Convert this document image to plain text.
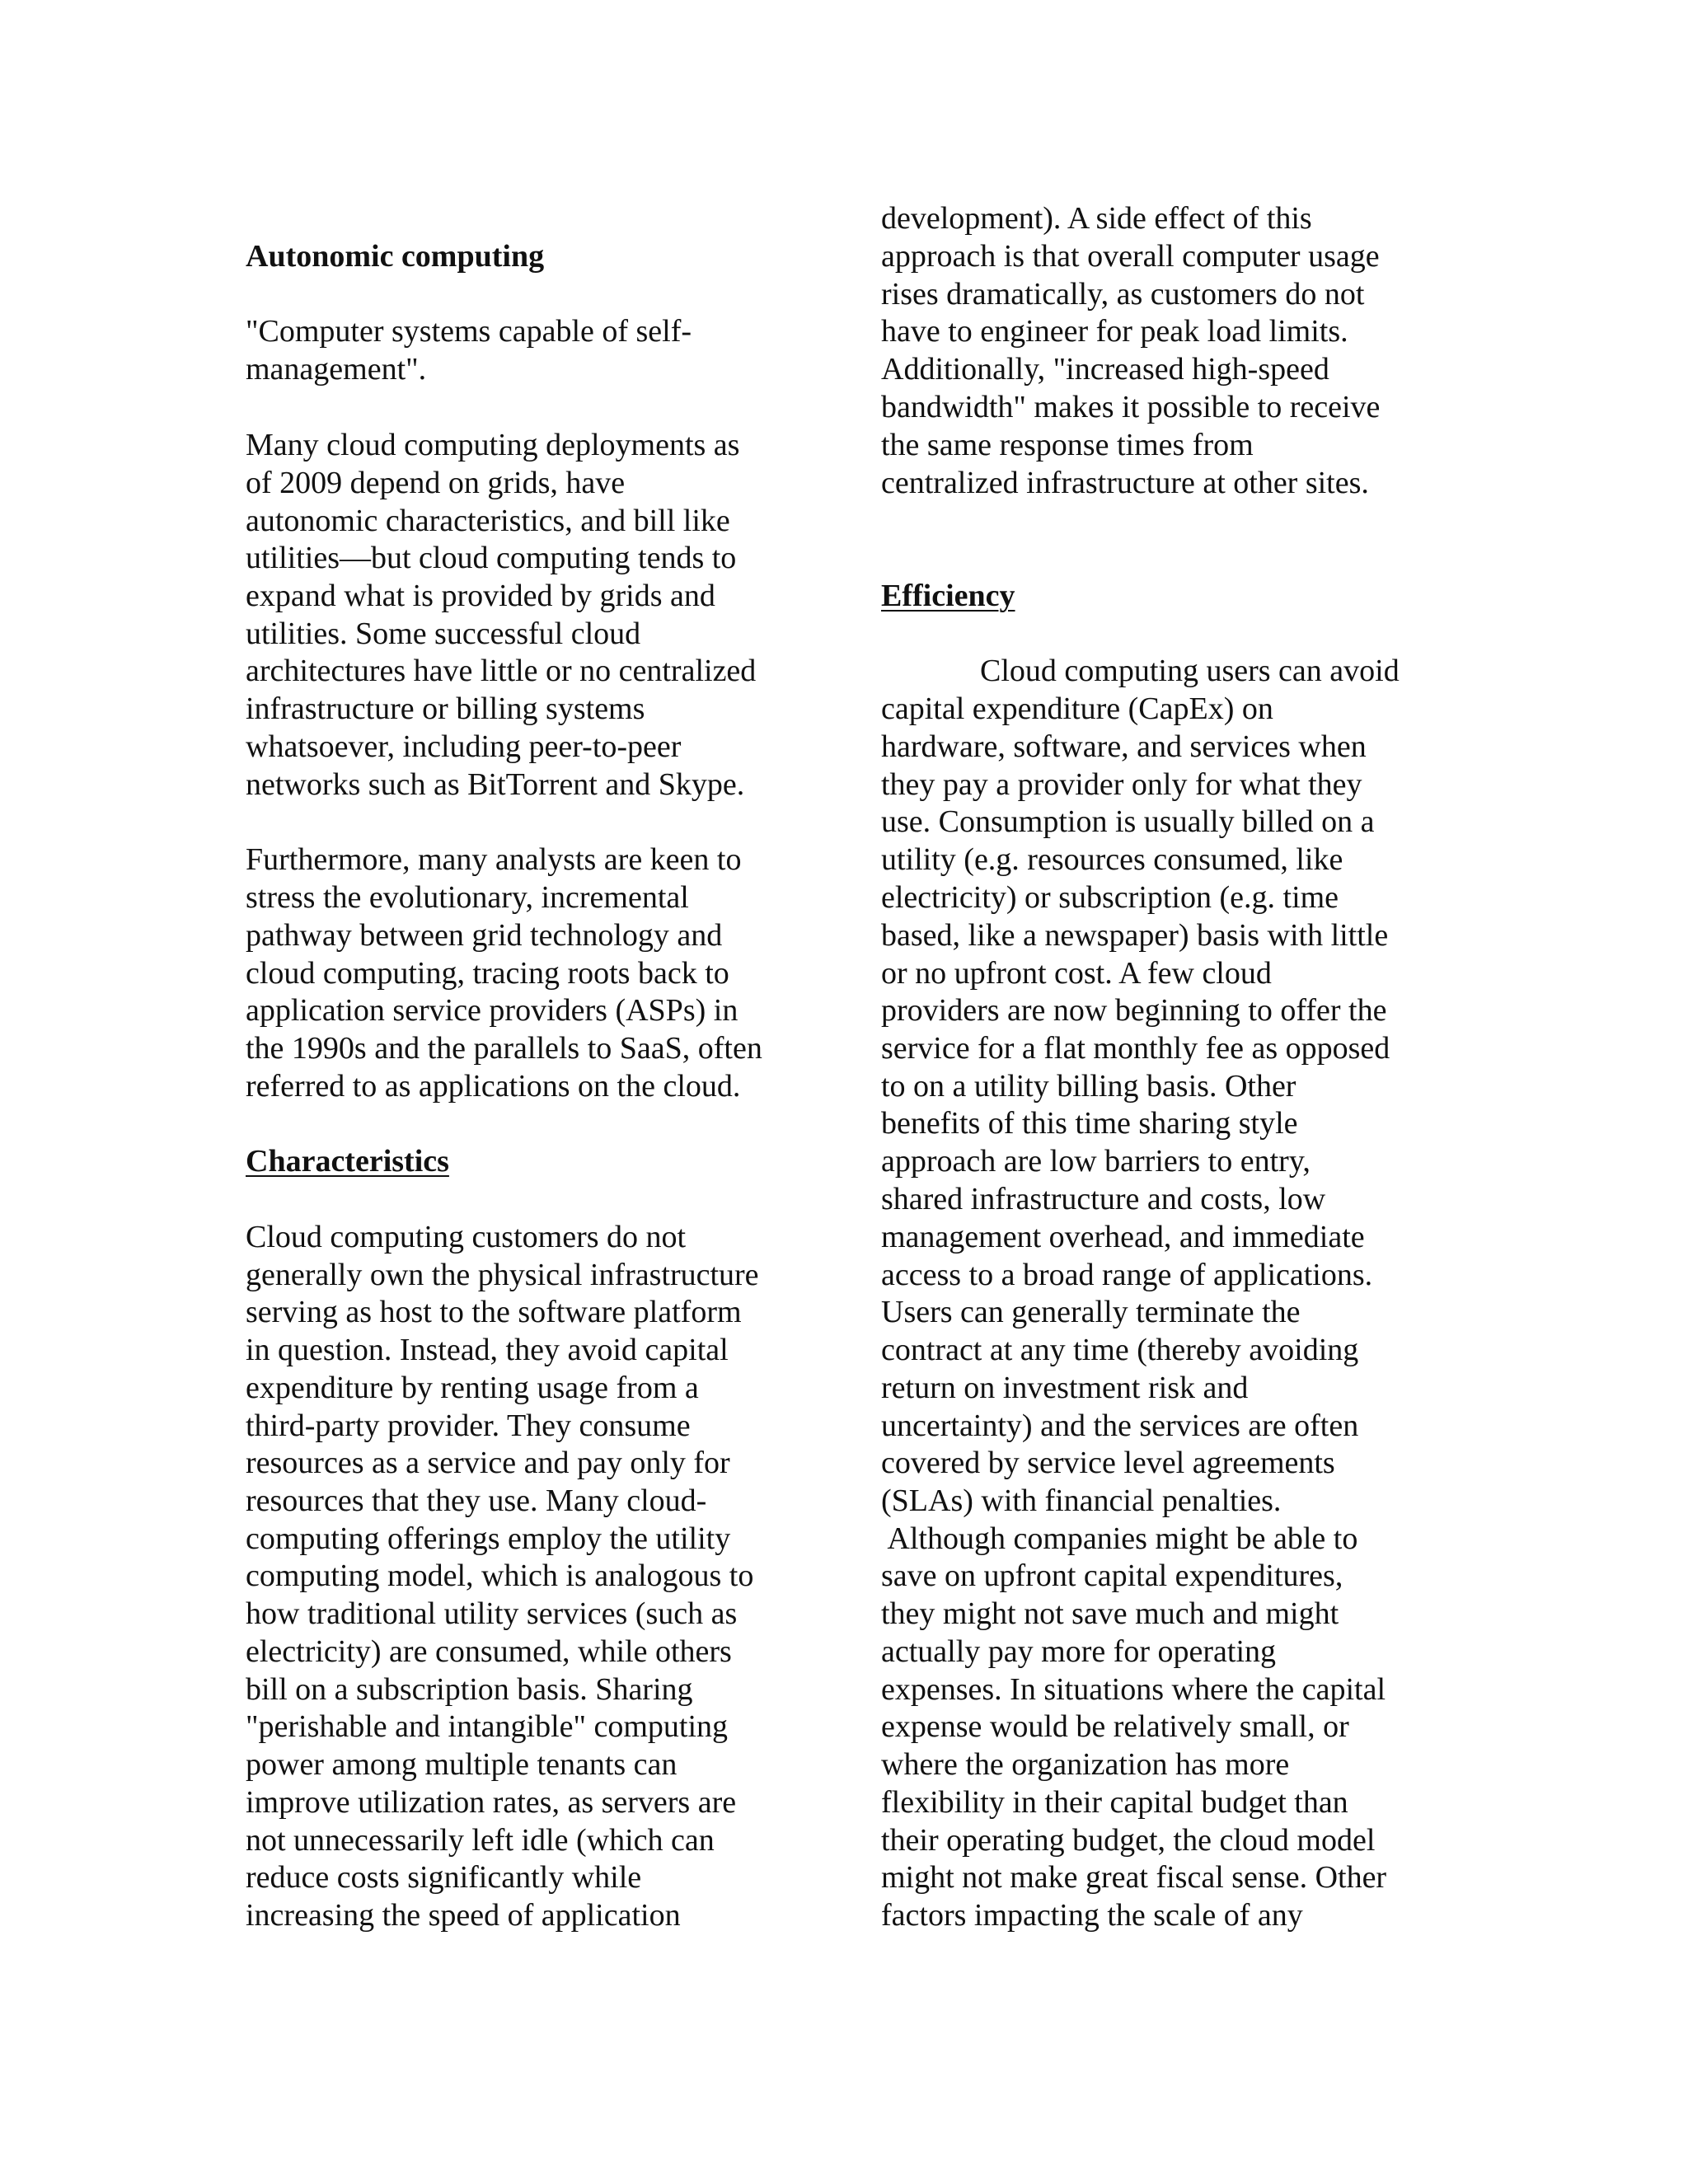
Autonomic computing
"Computer systems capable of self-
management".
Many cloud computing deployments as
of 2009 depend on grids, have
autonomic characteristics, and bill like
utilities—but cloud computing tends to
expand what is provided by grids and
utilities. Some successful cloud
architectures have little or no centralized
infrastructure or billing systems
whatsoever, including peer-to-peer
networks such as BitTorrent and Skype.
Furthermore, many analysts are keen to
stress the evolutionary, incremental
pathway between grid technology and
cloud computing, tracing roots back to
application service providers (ASPs) in
the 1990s and the parallels to SaaS, often
referred to as applications on the cloud.
Characteristics
Cloud computing customers do not
generally own the physical infrastructure
serving as host to the software platform
in question. Instead, they avoid capital
expenditure by renting usage from a
third-party provider. They consume
resources as a service and pay only for
resources that they use. Many cloud-
computing offerings employ the utility
computing model, which is analogous to
how traditional utility services (such as
electricity) are consumed, while others
bill on a subscription basis. Sharing
"perishable and intangible" computing
power among multiple tenants can
improve utilization rates, as servers are
not unnecessarily left idle (which can
reduce costs significantly while
increasing the speed of application
development). A side effect of this
approach is that overall computer usage
rises dramatically, as customers do not
have to engineer for peak load limits.
Additionally, "increased high-speed
bandwidth" makes it possible to receive
the same response times from
centralized infrastructure at other sites.
Efficiency
Cloud computing users can avoid
capital expenditure (CapEx) on
hardware, software, and services when
they pay a provider only for what they
use. Consumption is usually billed on a
utility (e.g. resources consumed, like
electricity) or subscription (e.g. time
based, like a newspaper) basis with little
or no upfront cost. A few cloud
providers are now beginning to offer the
service for a flat monthly fee as opposed
to on a utility billing basis. Other
benefits of this time sharing style
approach are low barriers to entry,
shared infrastructure and costs, low
management overhead, and immediate
access to a broad range of applications.
Users can generally terminate the
contract at any time (thereby avoiding
return on investment risk and
uncertainty) and the services are often
covered by service level agreements
(SLAs) with financial penalties.
Although companies might be able to
save on upfront capital expenditures,
they might not save much and might
actually pay more for operating
expenses. In situations where the capital
expense would be relatively small, or
where the organization has more
flexibility in their capital budget than
their operating budget, the cloud model
might not make great fiscal sense. Other
factors impacting the scale of any
